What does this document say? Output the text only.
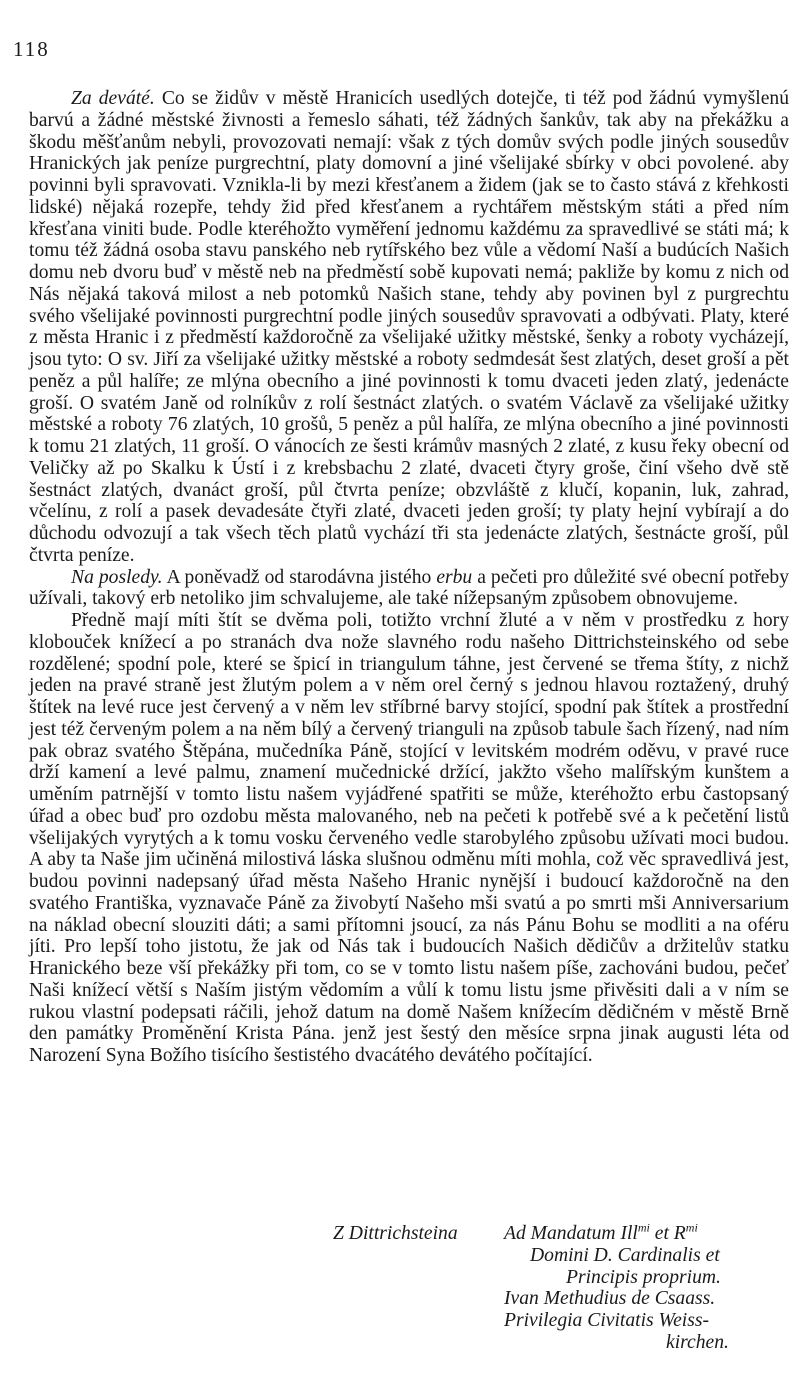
118

Za deváté. Co se židův v městě Hranicích usedlých dotejče, ti též pod žádnú vymyšlenú barvú a žádné městské živnosti a řemeslo sáhati, též žádných šankův, tak aby na překážku a škodu měšťanům nebyli, provozovati nemají: však z tých domův svých podle jiných sousedův Hranických jak peníze purgrechtní, platy domovní a jiné všelijaké sbírky v obci povolené. aby povinni byli spravovati. Vznikla-li by mezi křesťanem a židem (jak se to často stává z křehkosti lidské) nějaká rozepře, tehdy žid před křesťanem a rychtářem městským státi a před ním křesťana viniti bude. Podle kteréhožto vyměření jednomu každému za spravedlivé se státi má; k tomu též žádná osoba stavu panského neb rytířského bez vůle a vědomí Naší a budúcích Našich domu neb dvoru buď v městě neb na předměstí sobě kupovati nemá; pakliže by komu z nich od Nás nějaká taková milost a neb potomků Našich stane, tehdy aby povinen byl z purgrechtu svého všelijaké povinnosti purgrechtní podle jiných sousedův spravovati a odbývati. Platy, které z města Hranic i z předměstí každoročně za všelijaké užitky městské, šenky a roboty vycházejí, jsou tyto: O sv. Jiří za všelijaké užitky městské a roboty sedmdesát šest zlatých, deset groší a pět peněz a půl halíře; ze mlýna obecního a jiné povinnosti k tomu dvaceti jeden zlatý, jedenácte groší. O svatém Janě od rolníkův z rolí šestnáct zlatých. o svatém Václavě za všelijaké užitky městské a roboty 76 zlatých, 10 grošů, 5 peněz a půl halířa, ze mlýna obecního a jiné povinnosti k tomu 21 zlatých, 11 groší. O vánocích ze šesti krámův masných 2 zlaté, z kusu řeky obecní od Veličky až po Skalku k Ústí i z krebsbachu 2 zlaté, dvaceti čtyry groše, činí všeho dvě stě šestnáct zlatých, dvanáct groší, půl čtvrta peníze; obzvláště z klučí, kopanin, luk, zahrad, včelínu, z rolí a pasek devadesáte čtyři zlaté, dvaceti jeden groší; ty platy hejní vybírají a do důchodu odvozují a tak všech těch platů vychází tři sta jedenácte zlatých, šestnácte groší, půl čtvrta peníze.

Na posledy. A poněvadž od starodávna jistého erbu a pečeti pro důležité své obecní potřeby užívali, takový erb netoliko jim schvalujeme, ale také nížepsaným způsobem obnovujeme.

Předně mají míti štít se dvěma poli, totižto vrchní žluté a v něm v prostředku z hory klobouček knížecí a po stranách dva nože slavného rodu našeho Dittrichsteinského od sebe rozdělené; spodní pole, které se špicí in triangulum táhne, jest červené se třema štíty, z nichž jeden na pravé straně jest žlutým polem a v něm orel černý s jednou hlavou roztažený, druhý štítek na levé ruce jest červený a v něm lev stříbrné barvy stojící, spodní pak štítek a prostřední jest též červeným polem a na něm bílý a červený trianguli na způsob tabule šach řízený, nad ním pak obraz svatého Štěpána, mučedníka Páně, stojící v levitském modrém oděvu, v pravé ruce drží kamení a levé palmu, znamení mučednické držící, jakžto všeho malířským kunštem a uměním patrnější v tomto listu našem vyjádřené spatřiti se může, kteréhožto erbu častopsaný úřad a obec buď pro ozdobu města malovaného, neb na pečeti k potřebě své a k pečetění listů všelijakých vyrytých a k tomu vosku červeného vedle starobylého způsobu užívati moci budou. A aby ta Naše jim učiněná milostivá láska slušnou odměnu míti mohla, což věc spravedlivá jest, budou povinni nadepsaný úřad města Našeho Hranic nynější i budoucí každoročně na den svatého Františka, vyznavače Páně za živobytí Našeho mši svatú a po smrti mši Anniversarium na náklad obecní slouziti dáti; a sami přítomni jsoucí, za nás Pánu Bohu se modliti a na oféru jíti. Pro lepší toho jistotu, že jak od Nás tak i budoucích Našich dědičův a držitelův statku Hranického beze vší překážky při tom, co se v tomto listu našem píše, zachováni budou, pečeť Naši knížecí větší s Naším jistým vědomím a vůlí k tomu listu jsme přivěsiti dali a v ním se rukou vlastní podepsati ráčili, jehož datum na domě Našem knížecím dědičném v městě Brně den památky Proměnění Krista Pána. jenž jest šestý den měsíce srpna jinak augusti léta od Narození Syna Božího tisícího šestistého dvacátého devátého počítající.

Z Dittrichsteina Ad Mandatum Ill$^{mi}$ et $R^{mi}$
Domini D. Cardinalis et
Principis proprium.
Ivan Methudius de Csaass.
Privilegia Civitatis Weiss-
kirchen.
